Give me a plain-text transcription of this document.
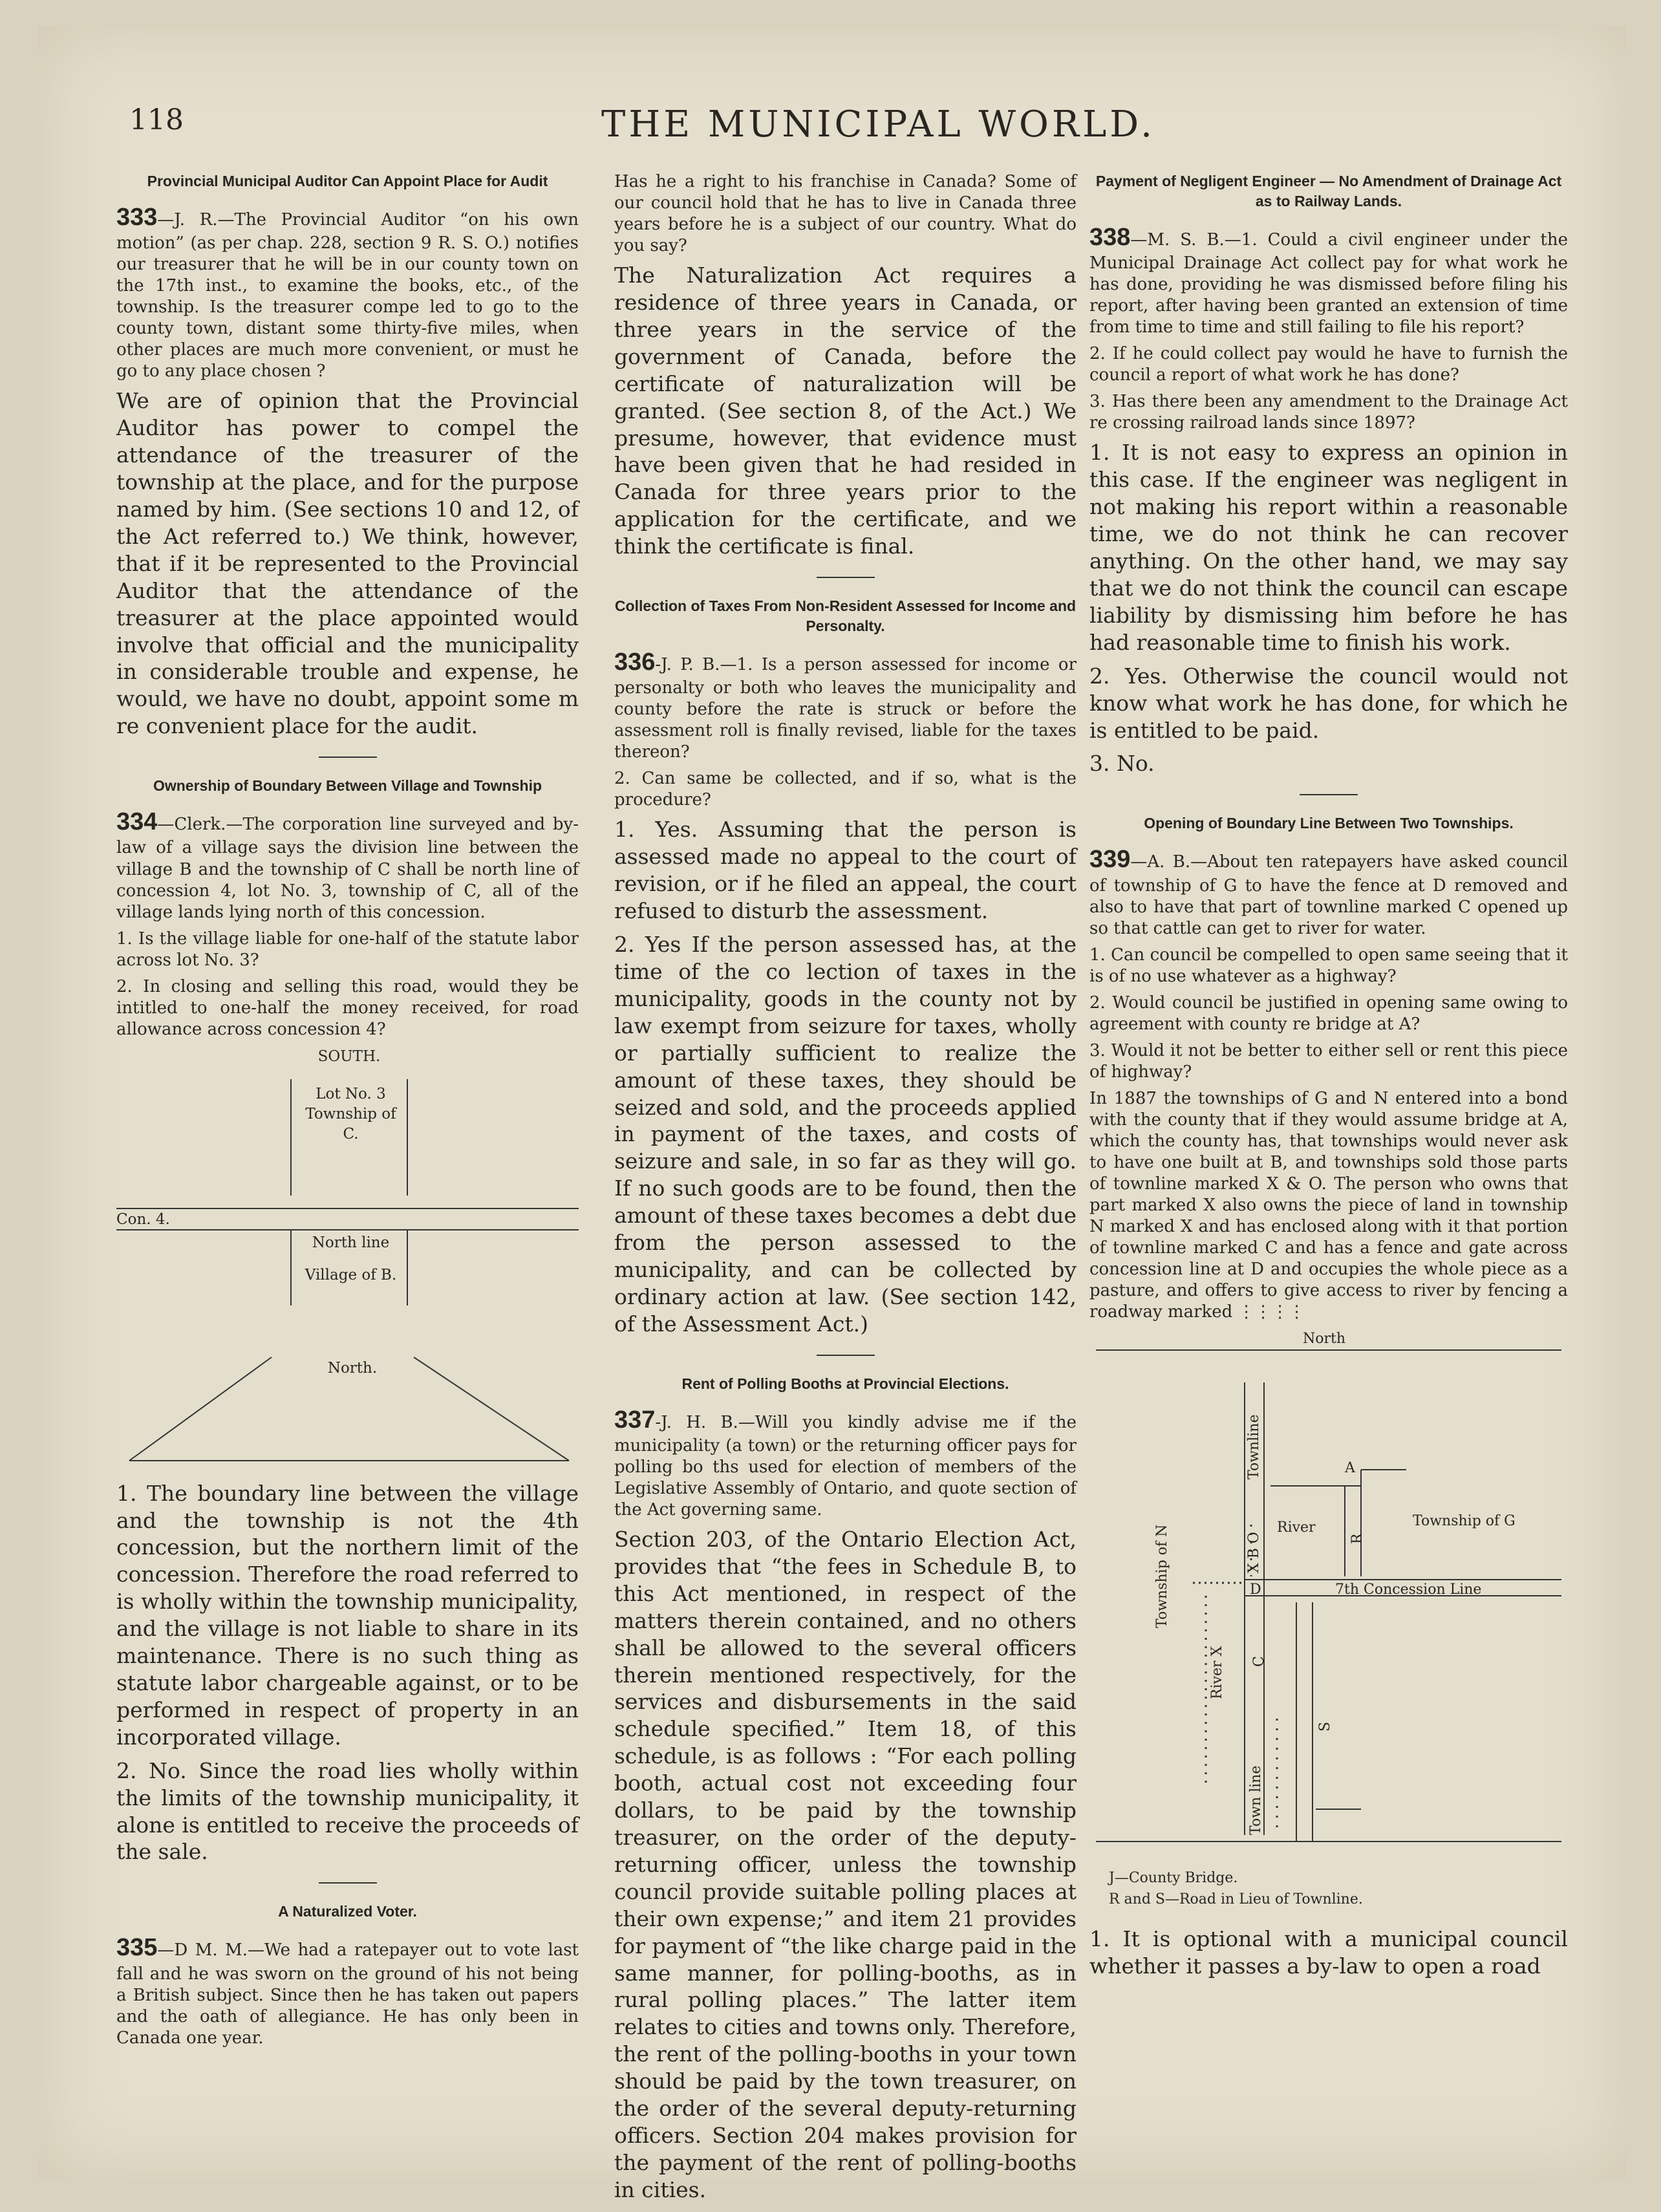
118	THE MUNICIPAL WORLD.
Provincial Municipal Auditor Can Appoint Place for Audit

333—J. R.—The Provincial Auditor “on his own motion” (as per chap. 228, section 9 R. S. O.) notifies our treasurer that he will be in our county town on the 17th inst., to examine the books, etc., of the township. Is the treasurer compe led to go to the county town, distant some thirty-five miles, when other places are much more convenient, or must he go to any place chosen ?

We are of opinion that the Provincial Auditor has power to compel the attendance of the treasurer of the township at the place, and for the purpose named by him. (See sections 10 and 12, of the Act referred to.) We think, however, that if it be represented to the Provincial Auditor that the attendance of the treasurer at the place appointed would involve that official and the municipality in considerable trouble and expense, he would, we have no doubt, appoint some m re convenient place for the audit.

Ownership of Boundary Between Village and Township

334—Clerk.—The corporation line surveyed and by-law of a village says the division line between the village B and the township of C shall be north line of concession 4, lot No. 3, township of C, all of the village lands lying north of this concession.

1. Is the village liable for one-half of the statute labor across lot No. 3?

2. In closing and selling this road, would they be intitled to one-half the money received, for road allowance across concession 4?

SOUTH.
Lot No. 3 Township of C.
Con. 4.
North line
Village of B.
North.

1. The boundary line between the village and the township is not the 4th concession, but the northern limit of the concession. Therefore the road referred to is wholly within the township municipality, and the village is not liable to share in its maintenance. There is no such thing as statute labor chargeable against, or to be performed in respect of property in an incorporated village.

2. No. Since the road lies wholly within the limits of the township municipality, it alone is entitled to receive the proceeds of the sale.

A Naturalized Voter.

335—D M. M.—We had a ratepayer out to vote last fall and he was sworn on the ground of his not being a British subject. Since then he has taken out papers and the oath of allegiance. He has only been in Canada one year.

Has he a right to his franchise in Canada? Some of our council hold that he has to live in Canada three years before he is a subject of our country. What do you say?

The Naturalization Act requires a residence of three years in Canada, or three years in the service of the government of Canada, before the certificate of naturalization will be granted. (See section 8, of the Act.) We presume, however, that evidence must have been given that he had resided in Canada for three years prior to the application for the certificate, and we think the certificate is final.

Collection of Taxes From Non-Resident Assessed for Income and Personalty.

336-J. P. B.—1. Is a person assessed for income or personalty or both who leaves the municipality and county before the rate is struck or before the assessment roll is finally revised, liable for the taxes thereon?

2. Can same be collected, and if so, what is the procedure?

1. Yes. Assuming that the person is assessed made no appeal to the court of revision, or if he filed an appeal, the court refused to disturb the assessment.

2. Yes If the person assessed has, at the time of the co lection of taxes in the municipality, goods in the county not by law exempt from seizure for taxes, wholly or partially sufficient to realize the amount of these taxes, they should be seized and sold, and the proceeds applied in payment of the taxes, and costs of seizure and sale, in so far as they will go. If no such goods are to be found, then the amount of these taxes becomes a debt due from the person assessed to the municipality, and can be collected by ordinary action at law. (See section 142, of the Assessment Act.)

Rent of Polling Booths at Provincial Elections.

337-J. H. B.—Will you kindly advise me if the municipality (a town) or the returning officer pays for polling bo ths used for election of members of the Legislative Assembly of Ontario, and quote section of the Act governing same.

Section 203, of the Ontario Election Act, provides that “the fees in Schedule B, to this Act mentioned, in respect of the matters therein contained, and no others shall be allowed to the several officers therein mentioned respectively, for the services and disbursements in the said schedule specified.” Item 18, of this schedule, is as follows : “For each polling booth, actual cost not exceeding four dollars, to be paid by the township treasurer, on the order of the deputy-returning officer, unless the township council provide suitable polling places at their own expense;” and item 21 provides for payment of “the like charge paid in the same manner, for polling-booths, as in rural polling places.” The latter item relates to cities and towns only. Therefore, the rent of the polling-booths in your town should be paid by the town treasurer, on the order of the several deputy-returning officers. Section 204 makes provision for the payment of the rent of polling-booths in cities.

Payment of Negligent Engineer — No Amendment of Drainage Act as to Railway Lands.

338—M. S. B.—1. Could a civil engineer under the Municipal Drainage Act collect pay for what work he has done, providing he was dismissed before filing his report, after having been granted an extension of time from time to time and still failing to file his report?

2. If he could collect pay would he have to furnish the council a report of what work he has done?

3. Has there been any amendment to the Drainage Act re crossing railroad lands since 1897?

1. It is not easy to express an opinion in this case. If the engineer was negligent in not making his report within a reasonable time, we do not think he can recover anything. On the other hand, we may say that we do not think the council can escape liability by dismissing him before he has had reasonable time to finish his work.

2. Yes. Otherwise the council would not know what work he has done, for which he is entitled to be paid.

3. No.

Opening of Boundary Line Between Two Townships.

339—A. B.—About ten ratepayers have asked council of township of G to have the fence at D removed and also to have that part of townline marked C opened up so that cattle can get to river for water.

1. Can council be compelled to open same seeing that it is of no use whatever as a highway?

2. Would council be justified in opening same owing to agreement with county re bridge at A?

3. Would it not be better to either sell or rent this piece of highway?

In 1887 the townships of G and N entered into a bond with the county that if they would assume bridge at A, which the county has, that townships would never ask to have one built at B, and townships sold those parts of townline marked X & O. The person who owns that part marked X also owns the piece of land in township N marked X and has enclosed along with it that portion of townline marked C and has a fence and gate across concession line at D and occupies the whole piece as a pasture, and offers to give access to river by fencing a roadway marked ⋮⋮⋮⋮

North
Township of N
Townline	A
River
R
Township of G
X B O
D	7th Concession Line
River X C
S
Town line
J—County Bridge.
R and S—Road in Lieu of Townline.

1. It is optional with a municipal council whether it passes a by-law to open a road
